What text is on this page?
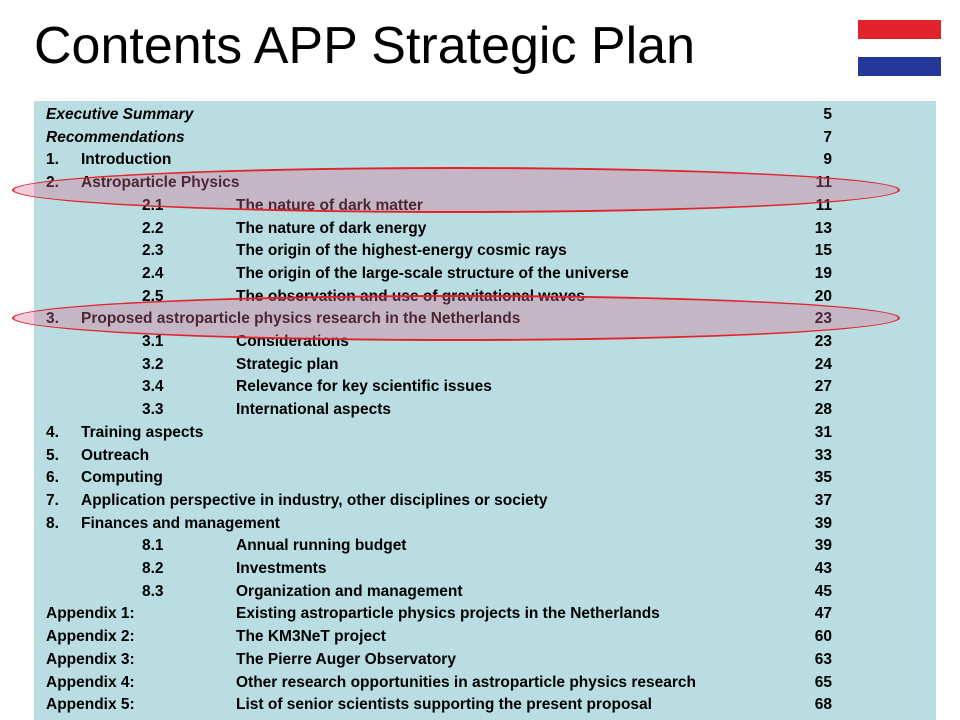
Contents APP Strategic Plan
Executive Summary	5
Recommendations	7
1. Introduction	9
2. Astroparticle Physics	11
2.1	The nature of dark matter	11
2.2	The nature of dark energy	13
2.3	The origin of the highest-energy cosmic rays	15
2.4	The origin of the large-scale structure of the universe	19
2.5	The observation and use of gravitational waves	20
3. Proposed astroparticle physics research in the Netherlands	23
3.1	Considerations	23
3.2	Strategic plan	24
3.4	Relevance for key scientific issues	27
3.3	International aspects	28
4. Training aspects	31
5. Outreach	33
6. Computing	35
7. Application perspective in industry, other disciplines or society	37
8. Finances and management	39
8.1	Annual running budget	39
8.2	Investments	43
8.3	Organization and management	45
Appendix 1:	Existing astroparticle physics projects in the Netherlands	47
Appendix 2:	The KM3NeT project	60
Appendix 3:	The Pierre Auger Observatory	63
Appendix 4:	Other research opportunities in astroparticle physics research	65
Appendix 5:	List of senior scientists supporting the present proposal	68
